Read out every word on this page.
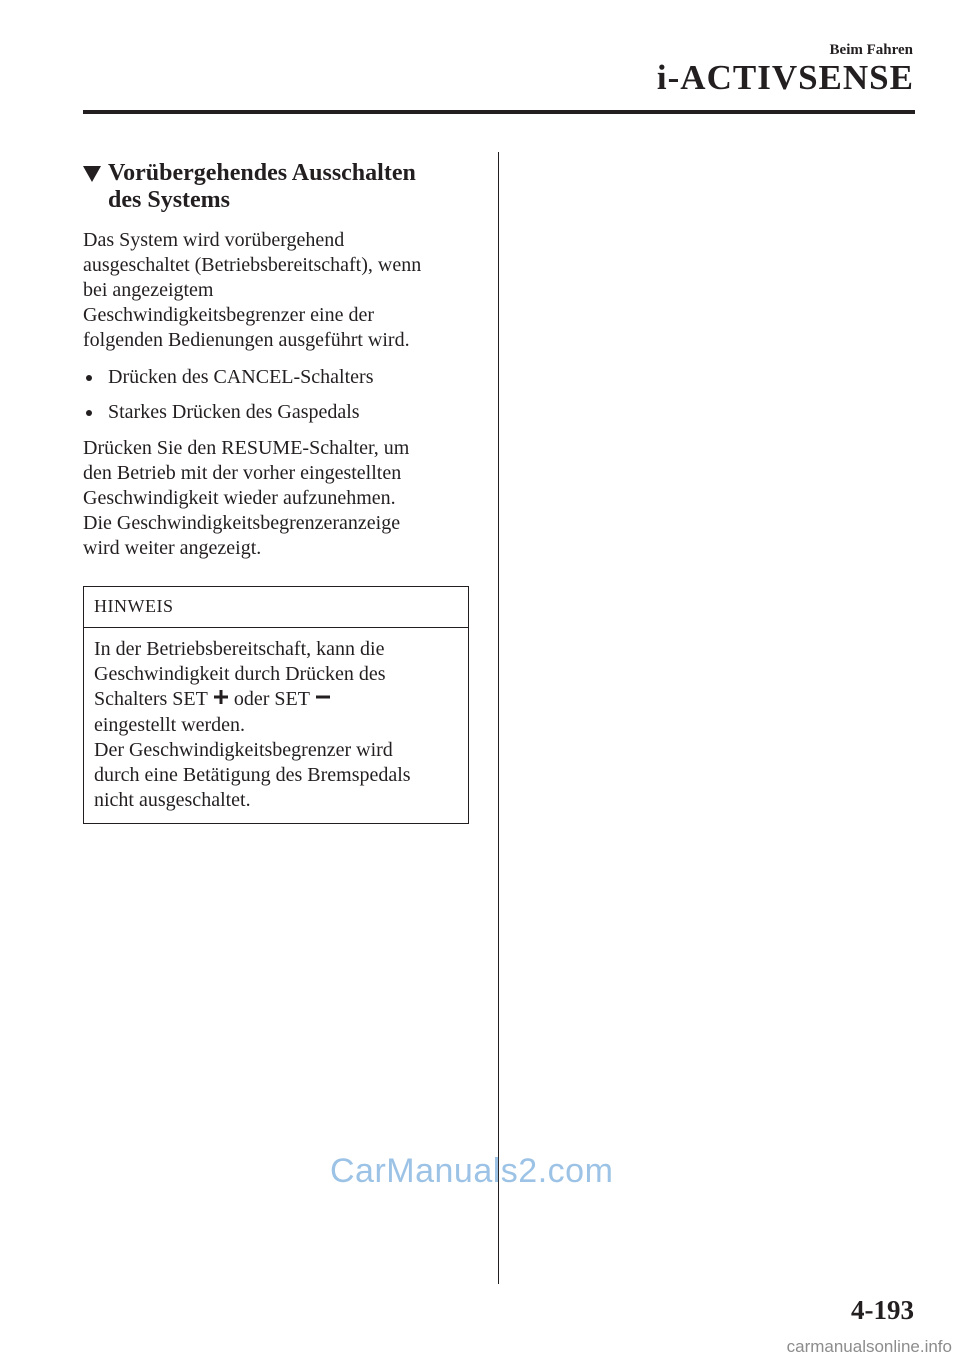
Beim Fahren
i-ACTIVSENSE
Vorübergehendes Ausschalten
des Systems

Das System wird vorübergehend
ausgeschaltet (Betriebsbereitschaft), wenn
bei angezeigtem
Geschwindigkeitsbegrenzer eine der
folgenden Bedienungen ausgeführt wird.

Drücken des CANCEL-Schalters
Starkes Drücken des Gaspedals

Drücken Sie den RESUME-Schalter, um
den Betrieb mit der vorher eingestellten
Geschwindigkeit wieder aufzunehmen.
Die Geschwindigkeitsbegrenzeranzeige
wird weiter angezeigt.

HINWEIS
In der Betriebsbereitschaft, kann die
Geschwindigkeit durch Drücken des
Schalters SET oder SET
eingestellt werden.
Der Geschwindigkeitsbegrenzer wird
durch eine Betätigung des Bremspedals
nicht ausgeschaltet.
CarManuals2.com
4-193
carmanualsonline.info
